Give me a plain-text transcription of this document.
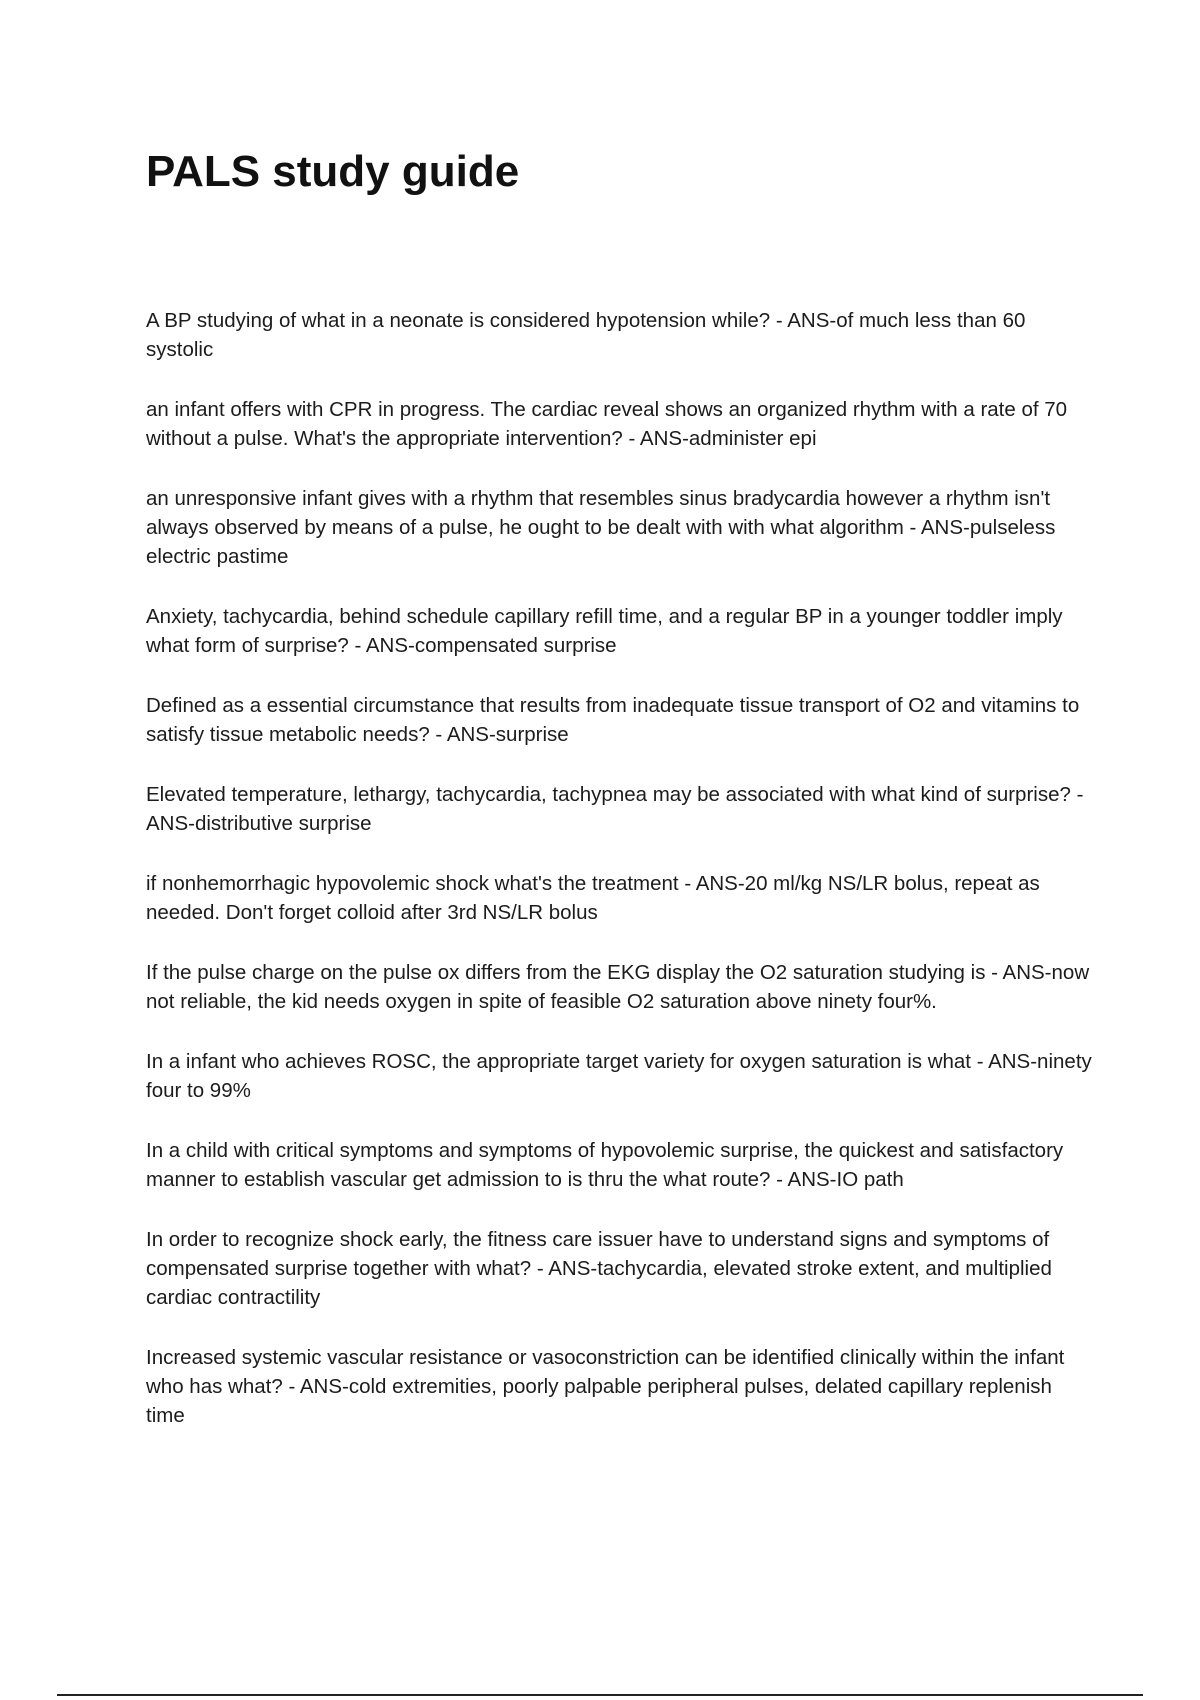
PALS study guide

A BP studying of what in a neonate is considered hypotension while? - ANS-of much less than 60 systolic

an infant offers with CPR in progress. The cardiac reveal shows an organized rhythm with a rate of 70 without a pulse. What's the appropriate intervention? - ANS-administer epi

an unresponsive infant gives with a rhythm that resembles sinus bradycardia however a rhythm isn't always observed by means of a pulse, he ought to be dealt with with what algorithm - ANS-pulseless electric pastime

Anxiety, tachycardia, behind schedule capillary refill time, and a regular BP in a younger toddler imply what form of surprise? - ANS-compensated surprise

Defined as a essential circumstance that results from inadequate tissue transport of O2 and vitamins to satisfy tissue metabolic needs? - ANS-surprise

Elevated temperature, lethargy, tachycardia, tachypnea may be associated with what kind of surprise? - ANS-distributive surprise

if nonhemorrhagic hypovolemic shock what's the treatment - ANS-20 ml/kg NS/LR bolus, repeat as needed. Don't forget colloid after 3rd NS/LR bolus

If the pulse charge on the pulse ox differs from the EKG display the O2 saturation studying is - ANS-now not reliable, the kid needs oxygen in spite of feasible O2 saturation above ninety four%.

In a infant who achieves ROSC, the appropriate target variety for oxygen saturation is what - ANS-ninety four to 99%

In a child with critical symptoms and symptoms of hypovolemic surprise, the quickest and satisfactory manner to establish vascular get admission to is thru the what route? - ANS-IO path

In order to recognize shock early, the fitness care issuer have to understand signs and symptoms of compensated surprise together with what? - ANS-tachycardia, elevated stroke extent, and multiplied cardiac contractility

Increased systemic vascular resistance or vasoconstriction can be identified clinically within the infant who has what? - ANS-cold extremities, poorly palpable peripheral pulses, delated capillary replenish time
